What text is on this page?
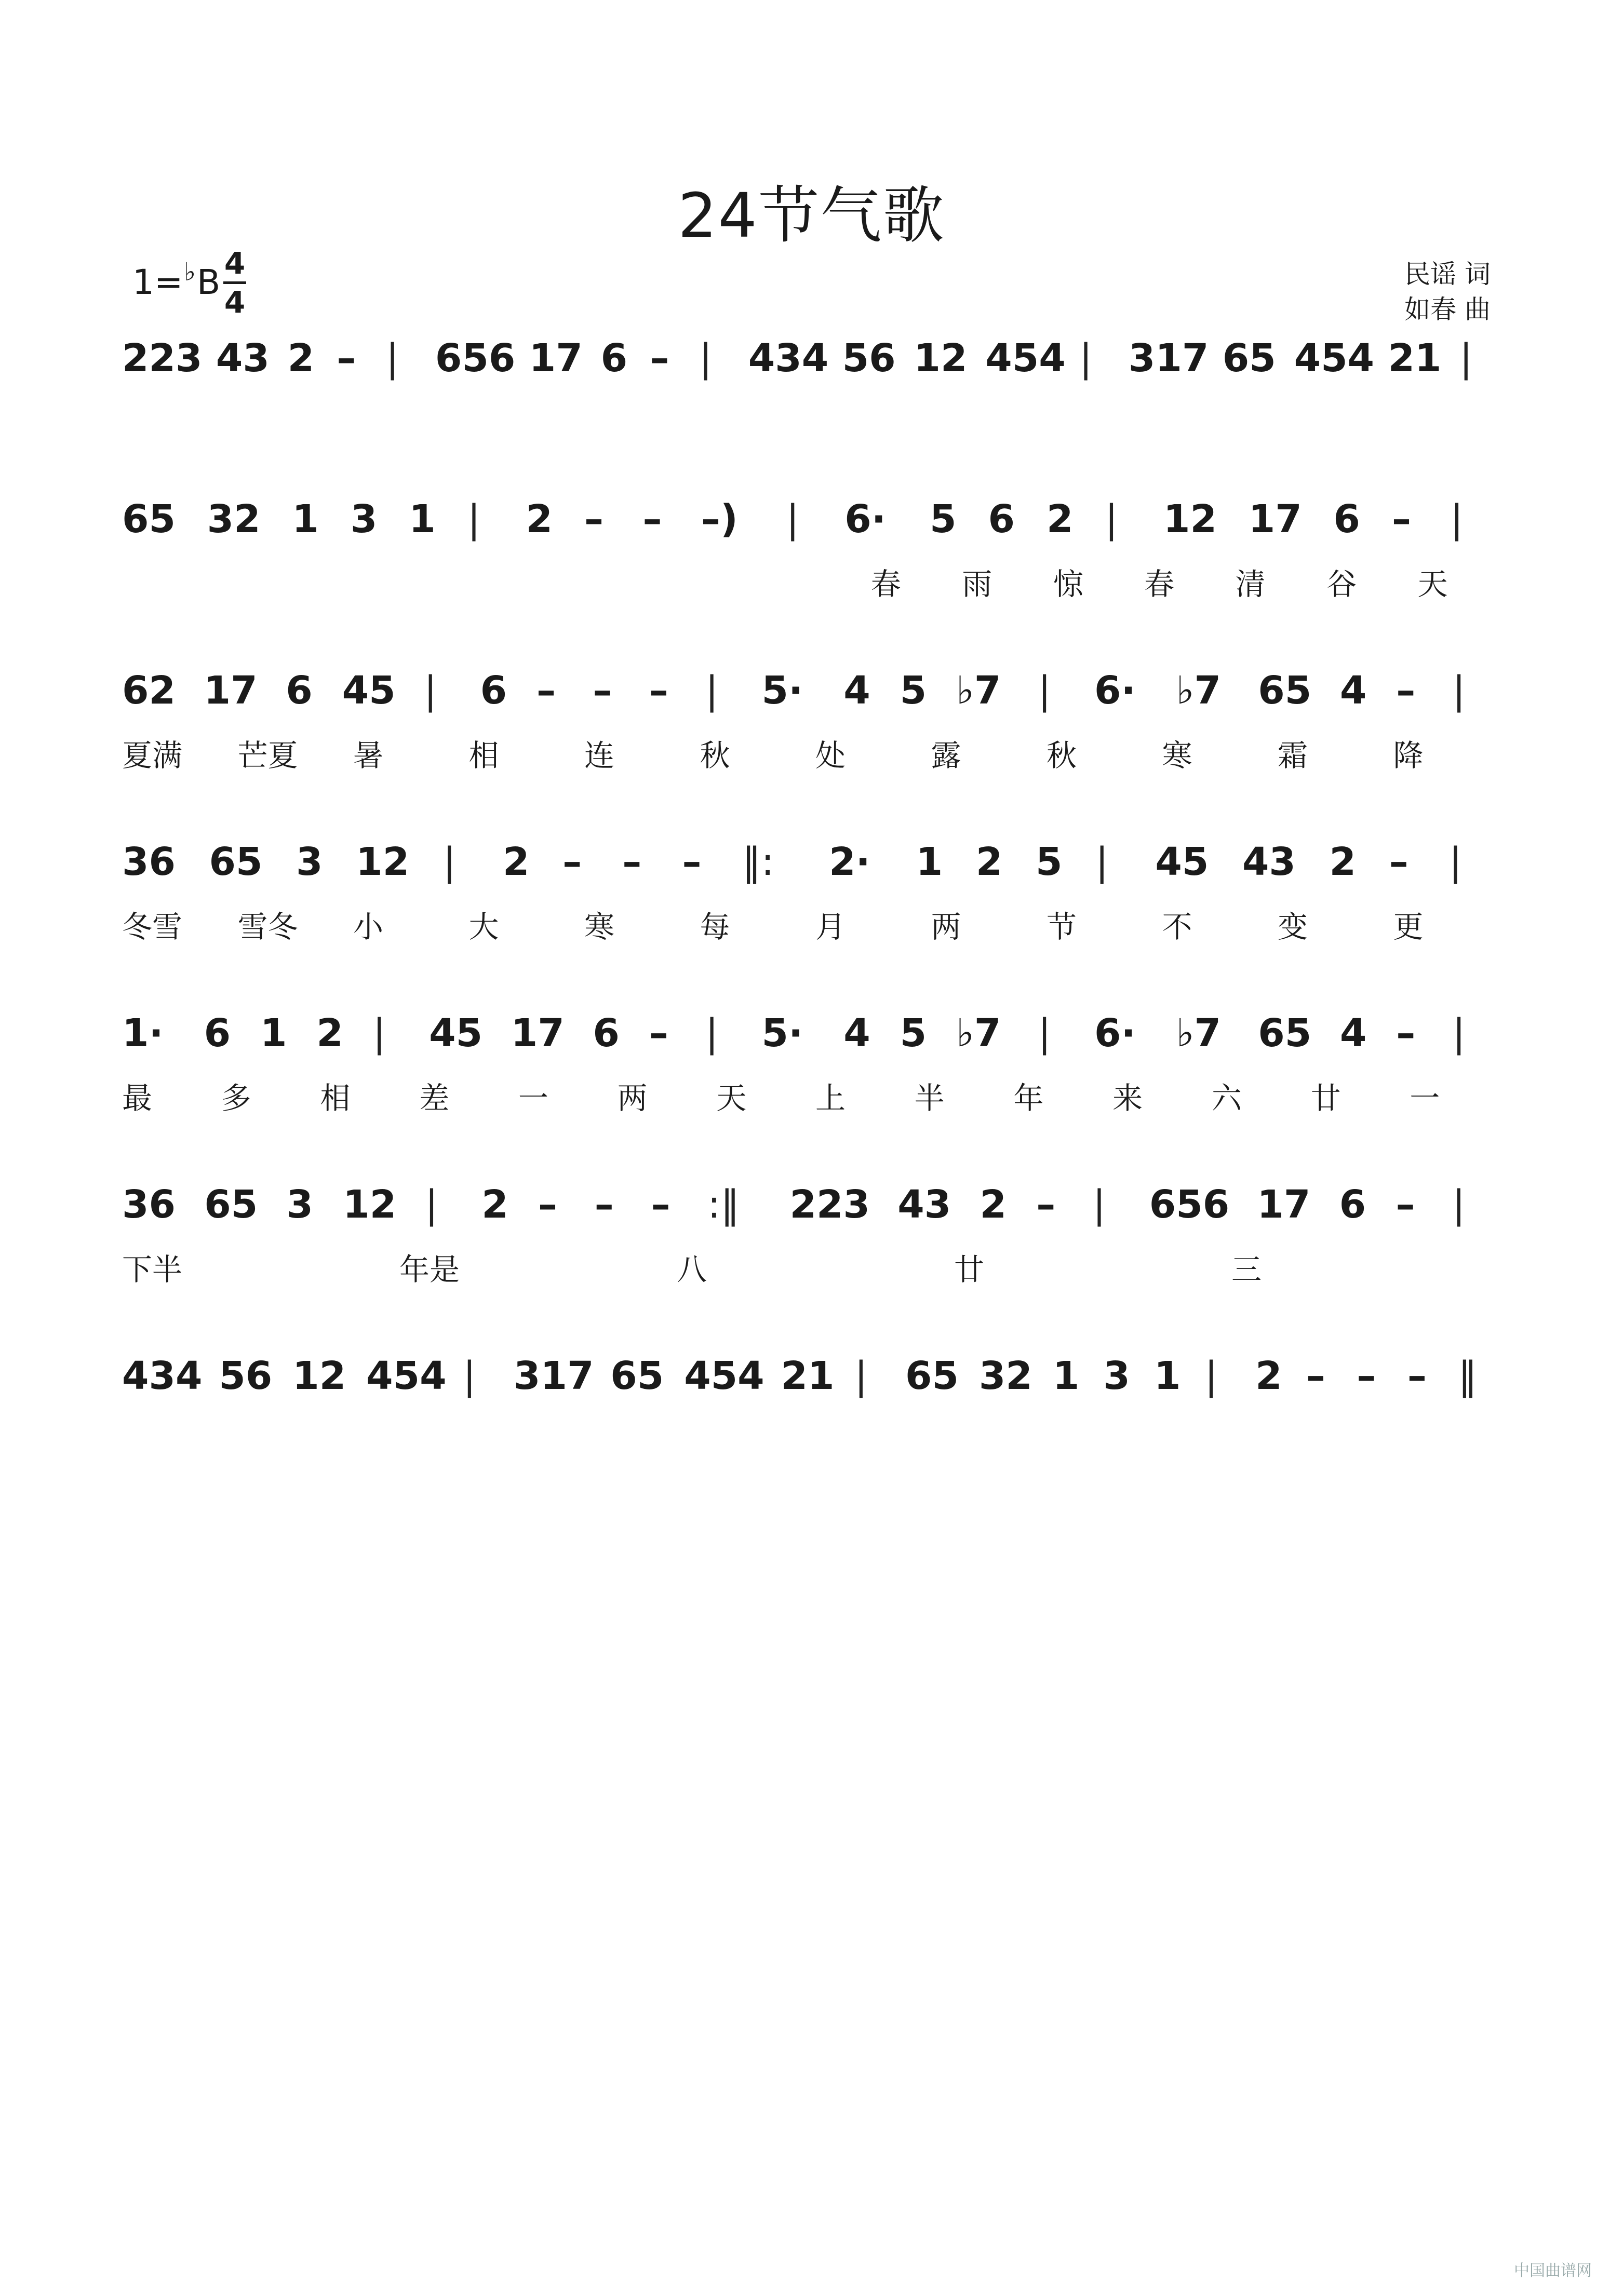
24节气歌
1=♭B 4
4
民谣 词
如春 曲
223 43 2 – | 656 17 6 – | 434 56 12 454 | 317 65 454 21 |
65 32 1 3 1 | 2 – – –) | 6· 5 6 2 | 12 17 6 – |
春 雨 惊 春 清 谷 天
62 17 6 45 | 6 – – – | 5· 4 5 ♭7 | 6· ♭7 65 4 – |
夏满 芒夏 暑	相	连	秋	处	露	秋	寒	霜	降
36 65 3 12 | 2 – – – ‖: 2· 1 2 5 | 45 43 2 – |
冬雪 雪冬 小	大	寒	每	月	两	节	不	变	更
1· 6 1 2 | 45 17 6 – | 5· 4 5 ♭7 | 6· ♭7 65 4 – |
最 多 相 差 一 两 天 上 半 年 来 六 廿 一
36 65 3 12 | 2 – – – :‖ 223 43 2 – | 656 17 6 – |
下半	年是	八	廿	三
434 56 12 454 | 317 65 454 21 | 65 32 1 3 1 | 2 – – – ‖
中国曲谱网
